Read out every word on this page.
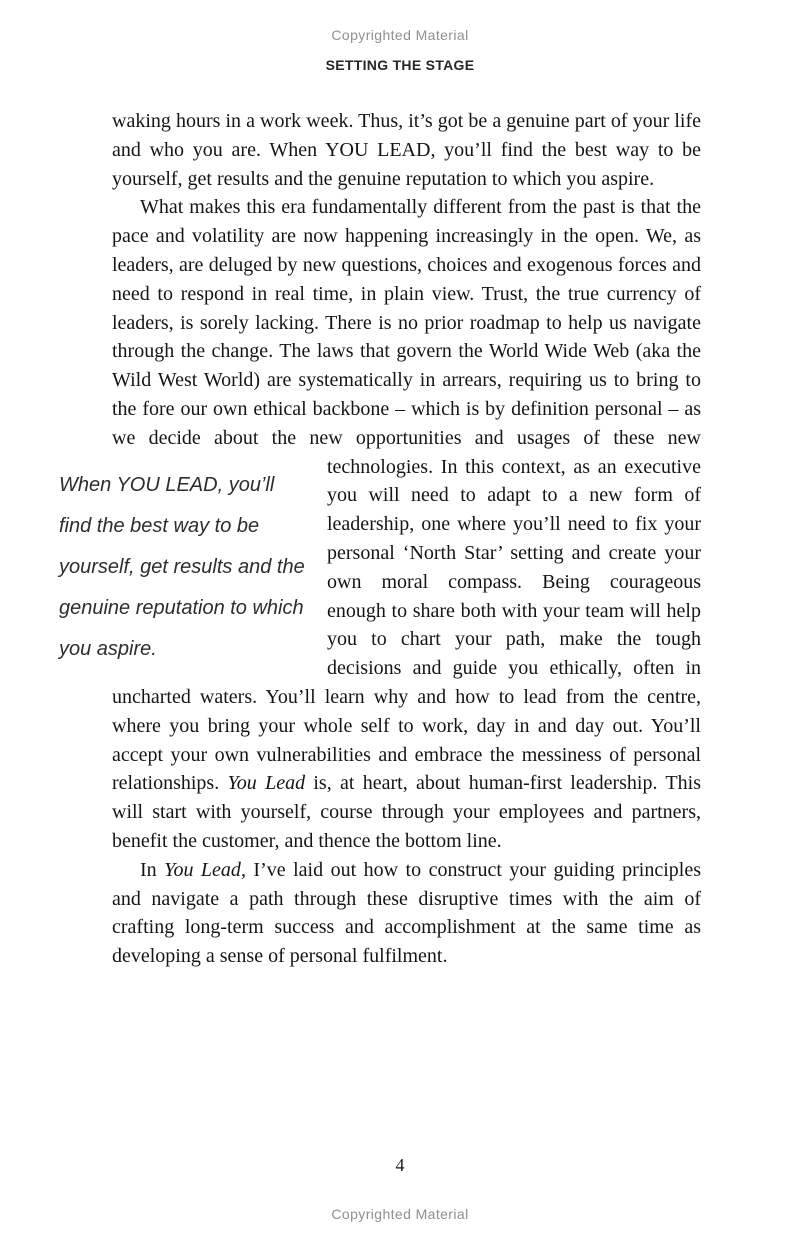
Copyrighted Material
SETTING THE STAGE

waking hours in a work week. Thus, it’s got be a genuine part of your life and who you are. When YOU LEAD, you’ll find the best way to be yourself, get results and the genuine reputation to which you aspire.

What makes this era fundamentally different from the past is that the pace and volatility are now happening increasingly in the open. We, as leaders, are deluged by new questions, choices and exogenous forces and need to respond in real time, in plain view. Trust, the true currency of leaders, is sorely lacking. There is no prior roadmap to help us navigate through the change. The laws that govern the World Wide Web (aka the Wild West World) are systematically in arrears, requiring us to bring to the fore our own ethical backbone – which is by definition personal – as we decide about the new opportunities and usages of these new
When YOU LEAD, you’ll find the best way to be yourself, get results and the genuine reputation to which you aspire.
technologies. In this context, as an executive you will need to adapt to a new form of leadership, one where you’ll need to fix your personal ‘North Star’ setting and create your own moral compass. Being courageous enough to share both with your team will help you to chart your path, make the tough decisions and guide you ethically, often in uncharted waters. You’ll learn why and how to lead from the centre, where you bring your whole self to work, day in and day out. You’ll accept your own vulnerabilities and embrace the messiness of personal relationships. You Lead is, at heart, about human-first leadership. This will start with yourself, course through your employees and partners, benefit the customer, and thence the bottom line.

In You Lead, I’ve laid out how to construct your guiding principles and navigate a path through these disruptive times with the aim of crafting long-term success and accomplishment at the same time as developing a sense of personal fulfilment.

4
Copyrighted Material
